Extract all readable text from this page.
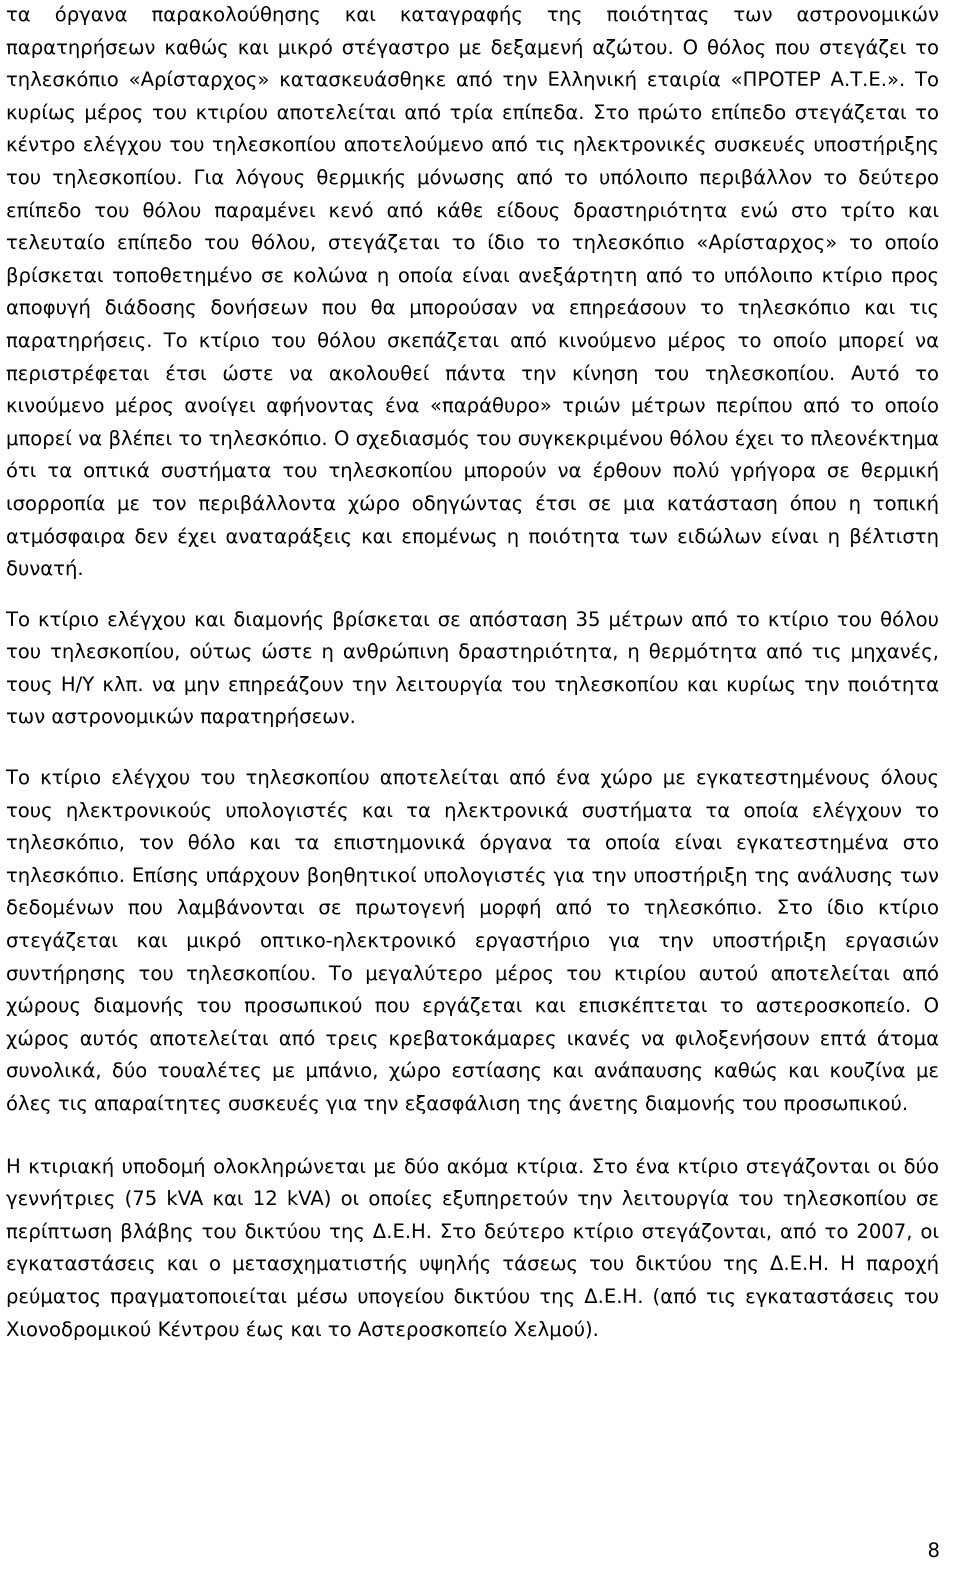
τα όργανα παρακολούθησης και καταγραφής της ποιότητας των αστρονομικών παρατηρήσεων καθώς και μικρό στέγαστρο με δεξαμενή αζώτου. Ο θόλος που στεγάζει το τηλεσκόπιο «Αρίσταρχος» κατασκευάσθηκε από την Ελληνική εταιρία «ΠΡΟΤΕΡ Α.Τ.Ε.». Το κυρίως μέρος του κτιρίου αποτελείται από τρία επίπεδα. Στο πρώτο επίπεδο στεγάζεται το κέντρο ελέγχου του τηλεσκοπίου αποτελούμενο από τις ηλεκτρονικές συσκευές υποστήριξης του τηλεσκοπίου. Για λόγους θερμικής μόνωσης από το υπόλοιπο περιβάλλον το δεύτερο επίπεδο του θόλου παραμένει κενό από κάθε είδους δραστηριότητα ενώ στο τρίτο και τελευταίο επίπεδο του θόλου, στεγάζεται το ίδιο το τηλεσκόπιο «Αρίσταρχος» το οποίο βρίσκεται τοποθετημένο σε κολώνα η οποία είναι ανεξάρτητη από το υπόλοιπο κτίριο προς αποφυγή διάδοσης δονήσεων που θα μπορούσαν να επηρεάσουν το τηλεσκόπιο και τις παρατηρήσεις. Το κτίριο του θόλου σκεπάζεται από κινούμενο μέρος το οποίο μπορεί να περιστρέφεται έτσι ώστε να ακολουθεί πάντα την κίνηση του τηλεσκοπίου. Αυτό το κινούμενο μέρος ανοίγει αφήνοντας ένα «παράθυρο» τριών μέτρων περίπου από το οποίο μπορεί να βλέπει το τηλεσκόπιο. Ο σχεδιασμός του συγκεκριμένου θόλου έχει το πλεονέκτημα ότι τα οπτικά συστήματα του τηλεσκοπίου μπορούν να έρθουν πολύ γρήγορα σε θερμική ισορροπία με τον περιβάλλοντα χώρο οδηγώντας έτσι σε μια κατάσταση όπου η τοπική ατμόσφαιρα δεν έχει αναταράξεις και επομένως η ποιότητα των ειδώλων είναι η βέλτιστη δυνατή.

Το κτίριο ελέγχου και διαμονής βρίσκεται σε απόσταση 35 μέτρων από το κτίριο του θόλου του τηλεσκοπίου, ούτως ώστε η ανθρώπινη δραστηριότητα, η θερμότητα από τις μηχανές, τους Η/Υ κλπ. να μην επηρεάζουν την λειτουργία του τηλεσκοπίου και κυρίως την ποιότητα των αστρονομικών παρατηρήσεων.

Το κτίριο ελέγχου του τηλεσκοπίου αποτελείται από ένα χώρο με εγκατεστημένους όλους τους ηλεκτρονικούς υπολογιστές και τα ηλεκτρονικά συστήματα τα οποία ελέγχουν το τηλεσκόπιο, τον θόλο και τα επιστημονικά όργανα τα οποία είναι εγκατεστημένα στο τηλεσκόπιο. Επίσης υπάρχουν βοηθητικοί υπολογιστές για την υποστήριξη της ανάλυσης των δεδομένων που λαμβάνονται σε πρωτογενή μορφή από το τηλεσκόπιο. Στο ίδιο κτίριο στεγάζεται και μικρό οπτικο-ηλεκτρονικό εργαστήριο για την υποστήριξη εργασιών συντήρησης του τηλεσκοπίου. Το μεγαλύτερο μέρος του κτιρίου αυτού αποτελείται από χώρους διαμονής του προσωπικού που εργάζεται και επισκέπτεται το αστεροσκοπείο. Ο χώρος αυτός αποτελείται από τρεις κρεβατοκάμαρες ικανές να φιλοξενήσουν επτά άτομα συνολικά, δύο τουαλέτες με μπάνιο, χώρο εστίασης και ανάπαυσης καθώς και κουζίνα με όλες τις απαραίτητες συσκευές για την εξασφάλιση της άνετης διαμονής του προσωπικού.

Η κτιριακή υποδομή ολοκληρώνεται με δύο ακόμα κτίρια. Στο ένα κτίριο στεγάζονται οι δύο γεννήτριες (75 kVA και 12 kVA) οι οποίες εξυπηρετούν την λειτουργία του τηλεσκοπίου σε περίπτωση βλάβης του δικτύου της Δ.Ε.Η. Στο δεύτερο κτίριο στεγάζονται, από το 2007, οι εγκαταστάσεις και ο μετασχηματιστής υψηλής τάσεως του δικτύου της Δ.Ε.Η. Η παροχή ρεύματος πραγματοποιείται μέσω υπογείου δικτύου της Δ.Ε.Η. (από τις εγκαταστάσεις του Χιονοδρομικού Κέντρου έως και το Αστεροσκοπείο Χελμού).

8
